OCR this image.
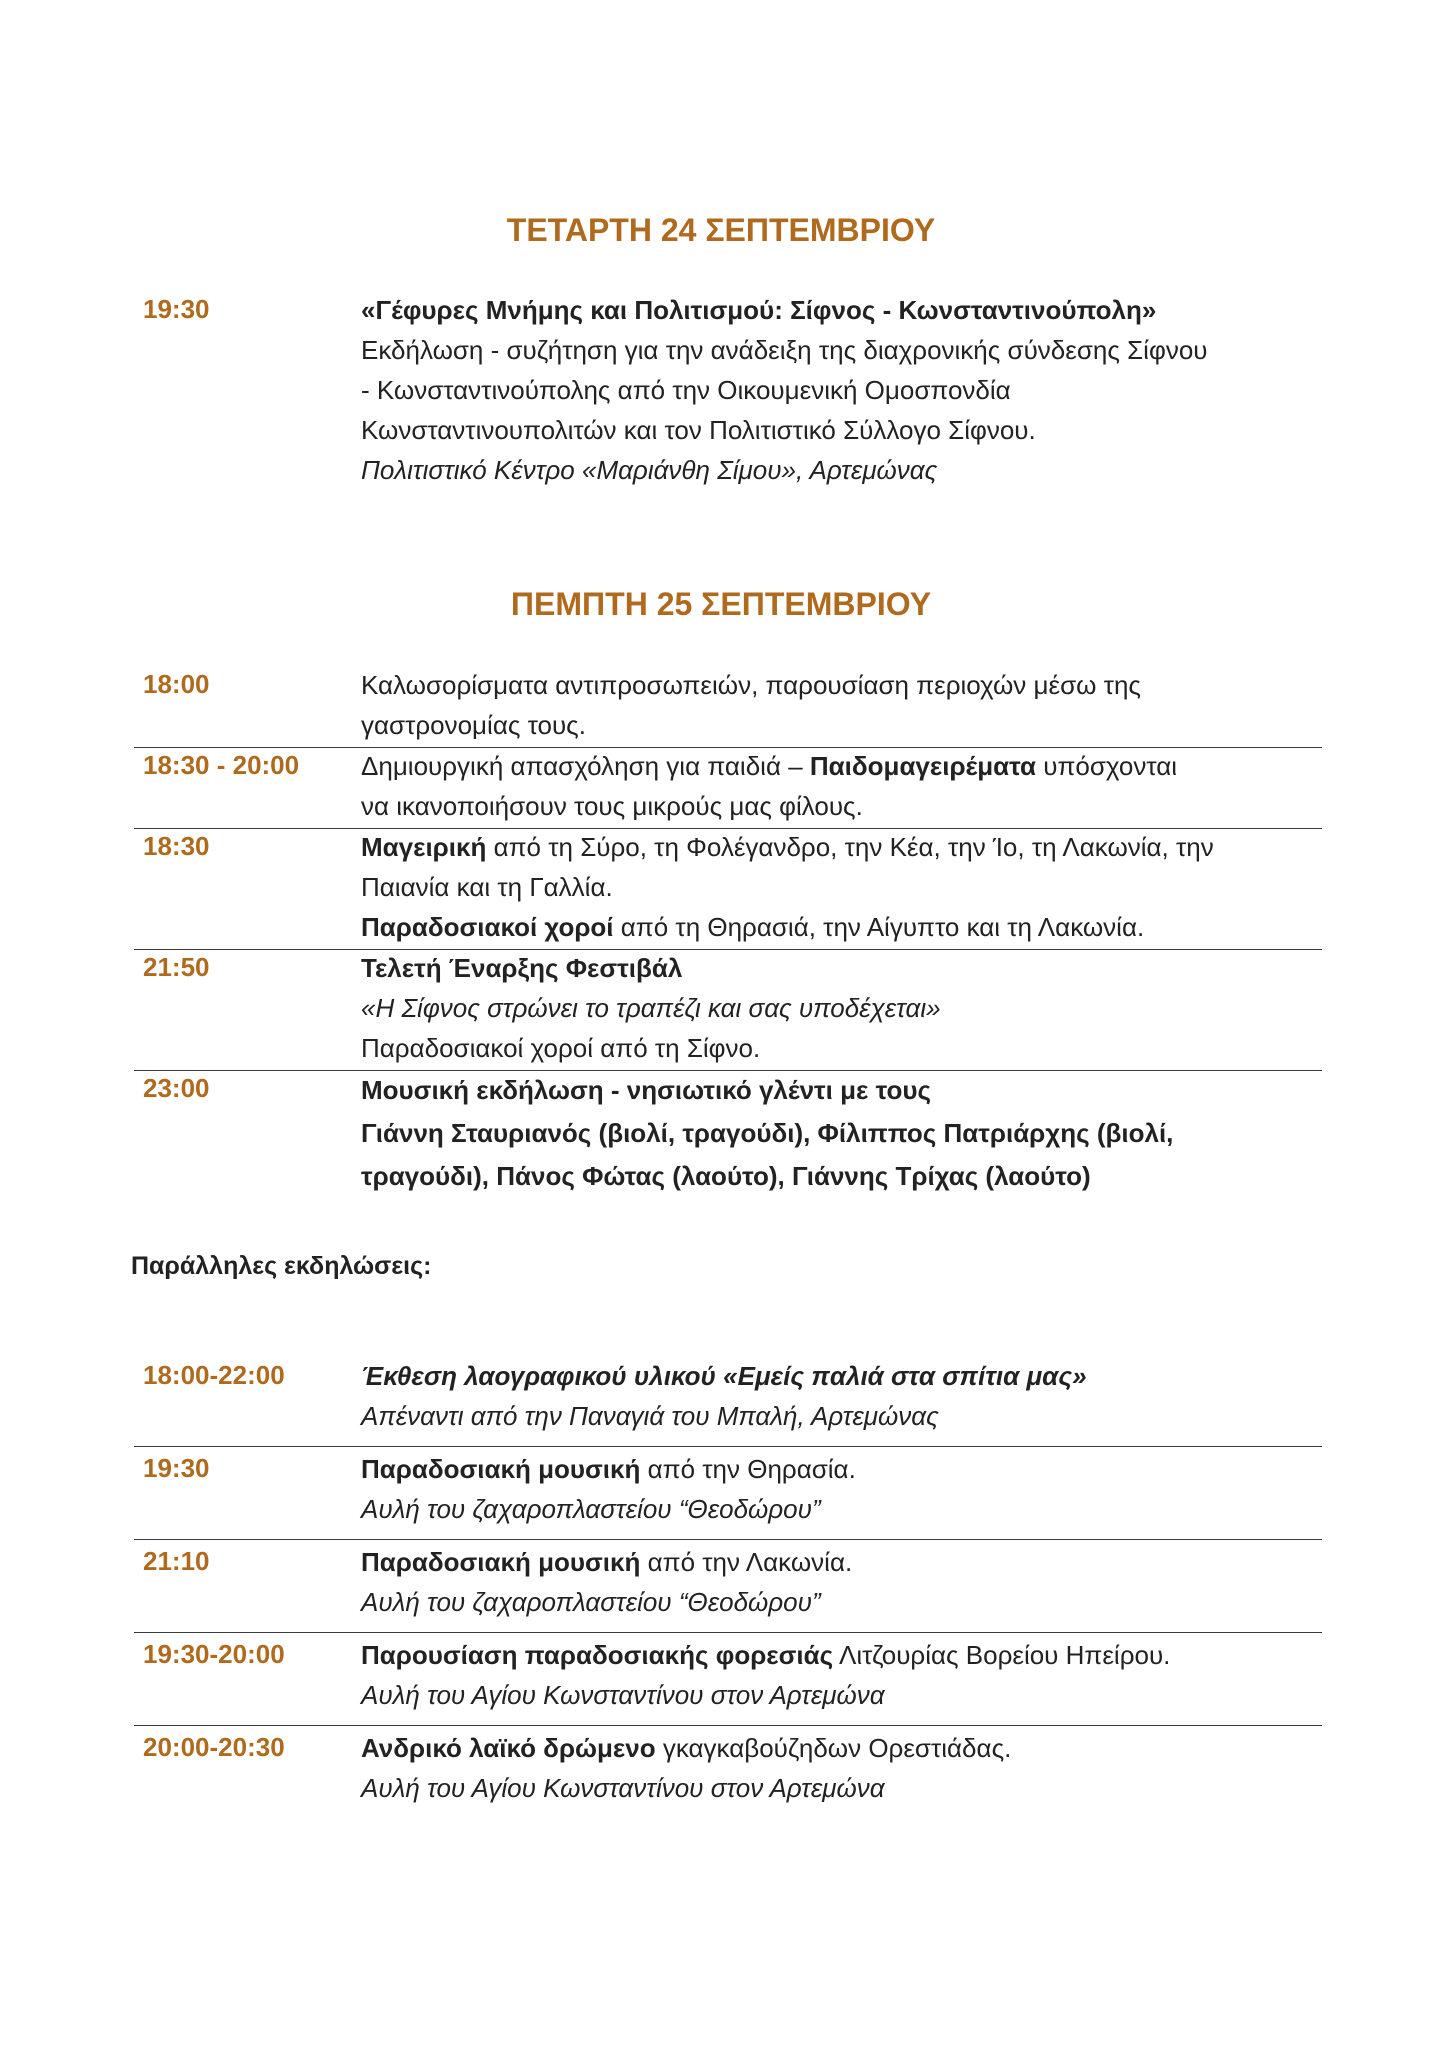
ΤΕΤΑΡΤΗ 24 ΣΕΠΤΕΜΒΡΙΟΥ
19:30	«Γέφυρες Μνήμης και Πολιτισμού: Σίφνος - Κωνσταντινούπολη»
Εκδήλωση - συζήτηση για την ανάδειξη της διαχρονικής σύνδεσης Σίφνου
- Κωνσταντινούπολης από την Οικουμενική Ομοσπονδία
Κωνσταντινουπολιτών και τον Πολιτιστικό Σύλλογο Σίφνου.
Πολιτιστικό Κέντρο «Μαριάνθη Σίμου», Αρτεμώνας
ΠΕΜΠΤΗ 25 ΣΕΠΤΕΜΒΡΙΟΥ
18:00	Καλωσορίσματα αντιπροσωπειών, παρουσίαση περιοχών μέσω της
γαστρονομίας τους.
18:30 - 20:00 Δημιουργική απασχόληση για παιδιά – Παιδομαγειρέματα υπόσχονται
να ικανοποιήσουν τους μικρούς μας φίλους.
18:30	Μαγειρική από τη Σύρο, τη Φολέγανδρο, την Κέα, την Ίο, τη Λακωνία, την
Παιανία και τη Γαλλία.
Παραδοσιακοί χοροί από τη Θηρασιά, την Αίγυπτο και τη Λακωνία.
21:50	Τελετή Έναρξης Φεστιβάλ
«Η Σίφνος στρώνει το τραπέζι και σας υποδέχεται»
Παραδοσιακοί χοροί από τη Σίφνο.
23:00	Μουσική εκδήλωση - νησιωτικό γλέντι με τους
Γιάννη Σταυριανός (βιολί, τραγούδι), Φίλιππος Πατριάρχης (βιολί,
τραγούδι), Πάνος Φώτας (λαούτο), Γιάννης Τρίχας (λαούτο)
Παράλληλες εκδηλώσεις:
18:00-22:00	Έκθεση λαογραφικού υλικού «Εμείς παλιά στα σπίτια μας»
Απέναντι από την Παναγιά του Μπαλή, Αρτεμώνας
19:30	Παραδοσιακή μουσική από την Θηρασία.
Αυλή του ζαχαροπλαστείου “Θεοδώρου”
21:10	Παραδοσιακή μουσική από την Λακωνία.
Αυλή του ζαχαροπλαστείου “Θεοδώρου”
19:30-20:00	Παρουσίαση παραδοσιακής φορεσιάς Λιτζουρίας Βορείου Ηπείρου.
Αυλή του Αγίου Κωνσταντίνου στον Αρτεμώνα
20:00-20:30	Ανδρικό λαϊκό δρώμενο γκαγκαβούζηδων Ορεστιάδας.
Αυλή του Αγίου Κωνσταντίνου στον Αρτεμώνα
